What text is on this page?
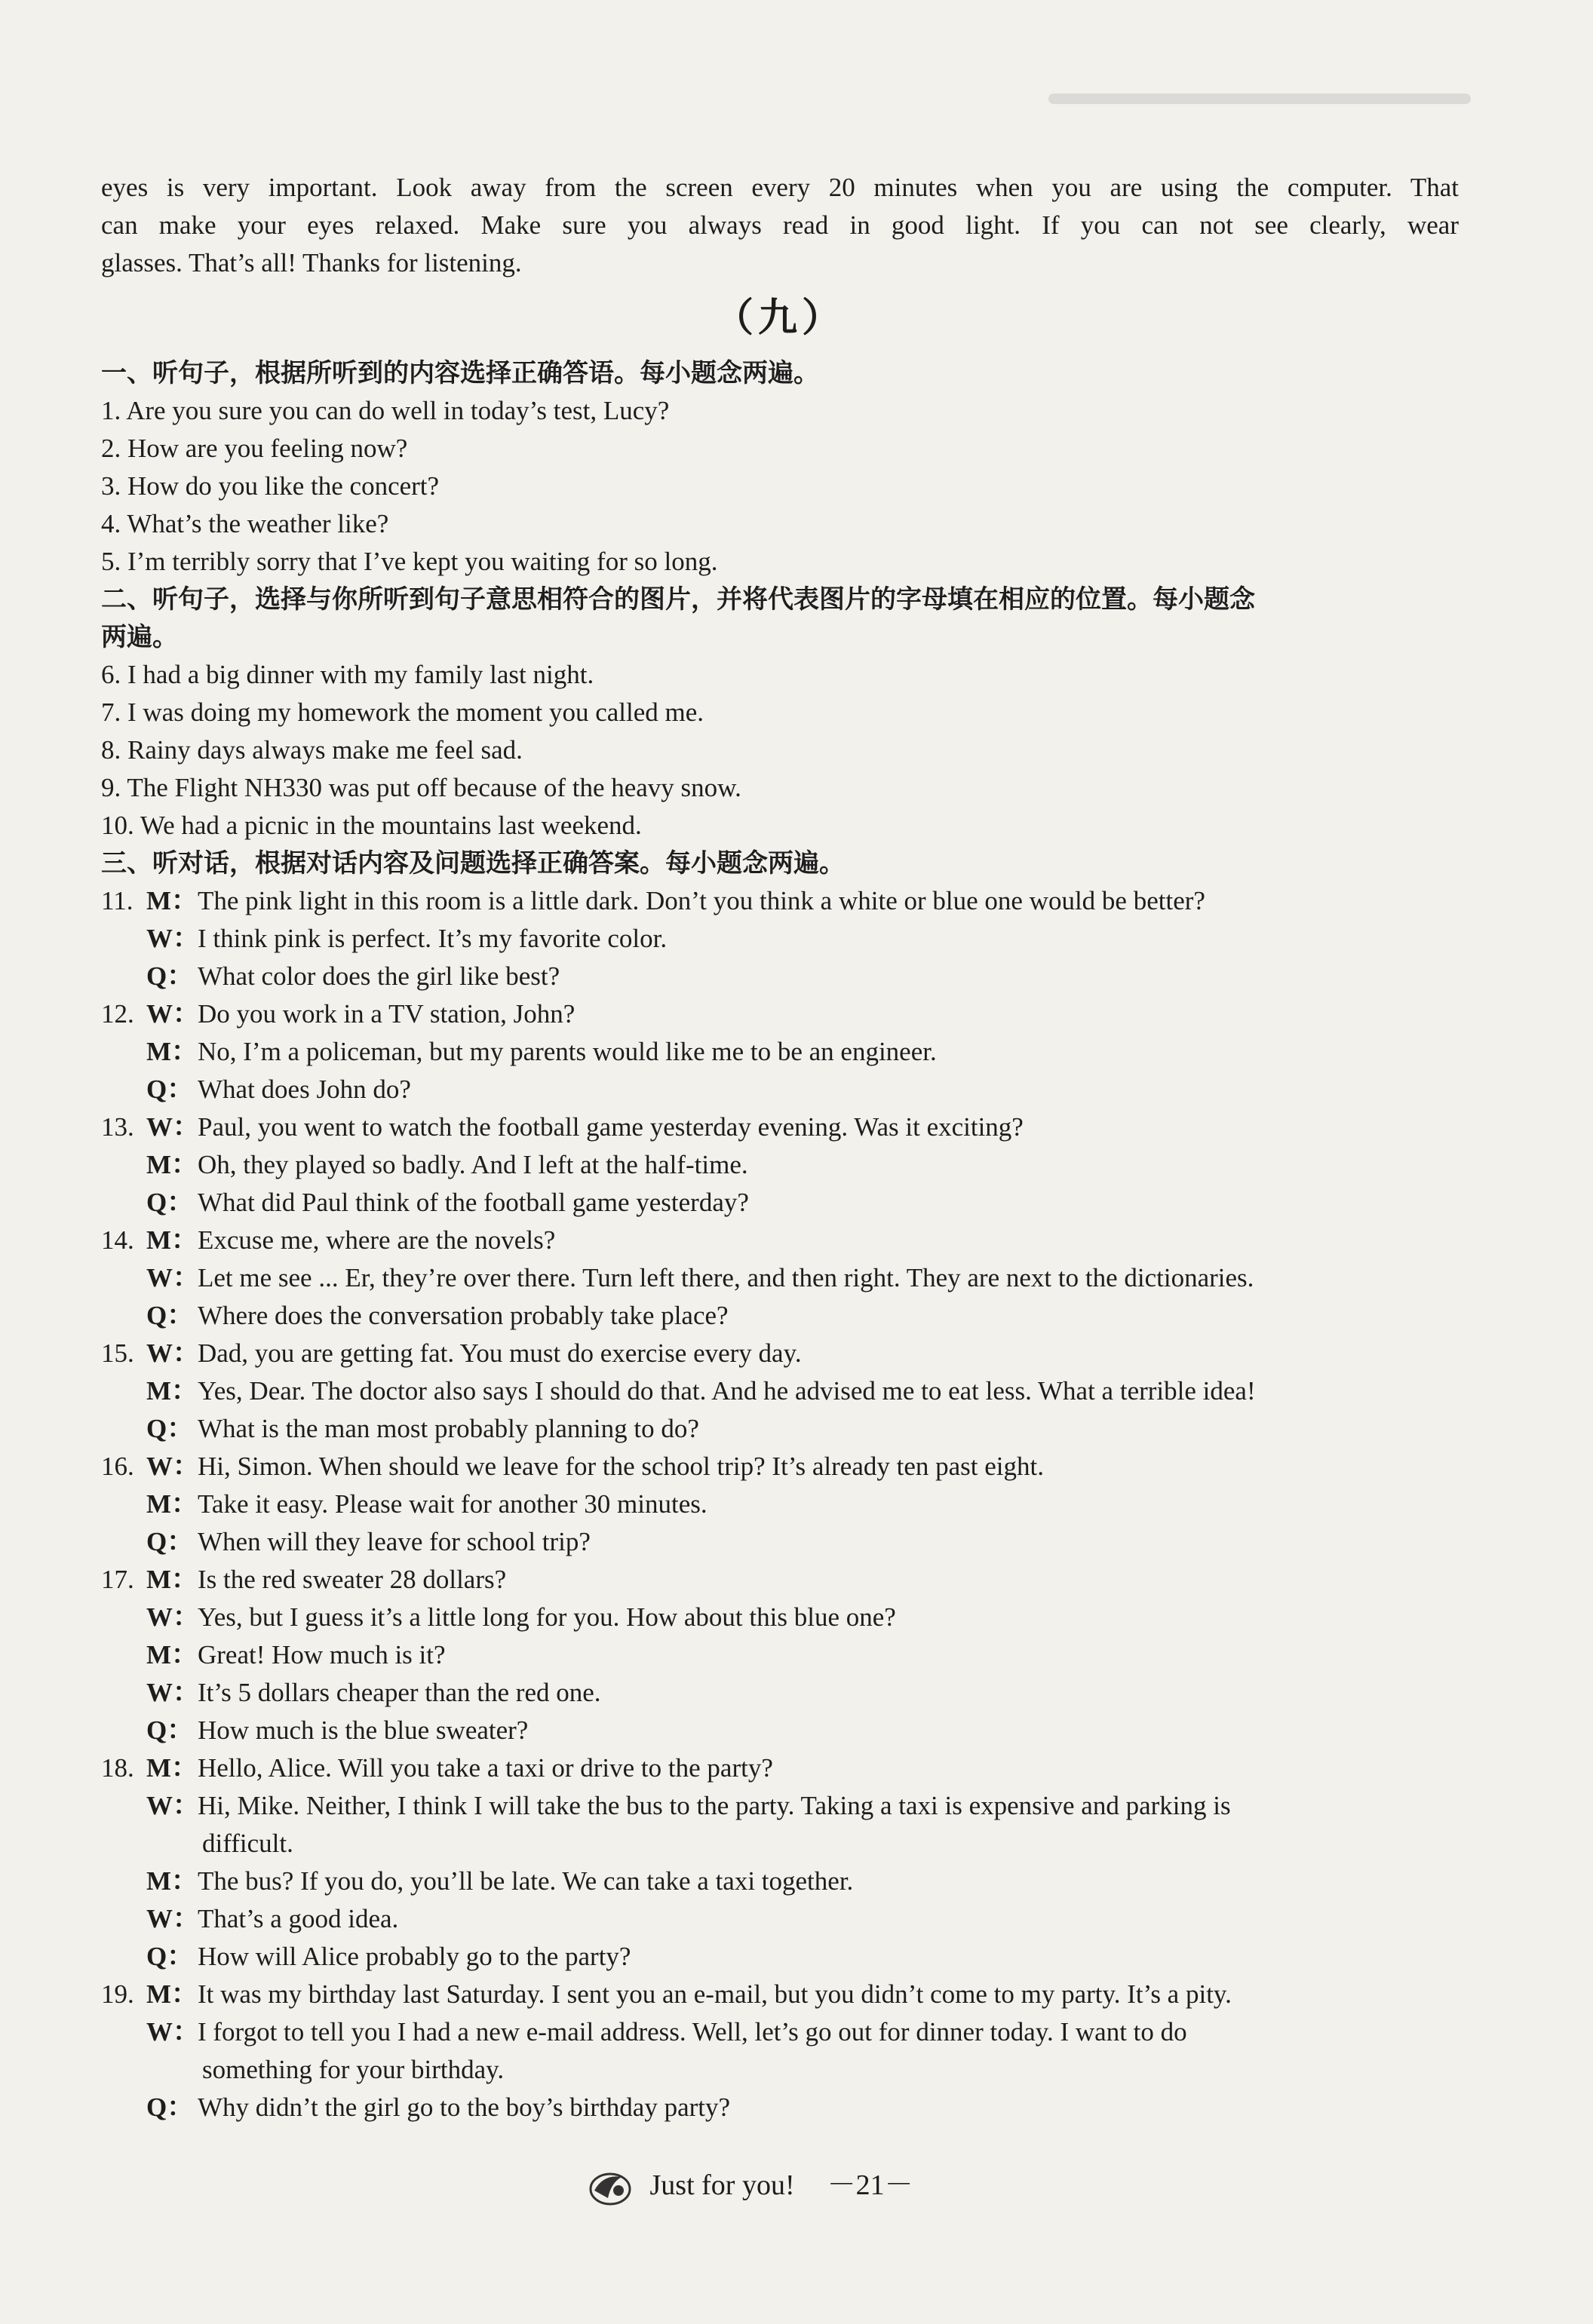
eyes is very important. Look away from the screen every 20 minutes when you are using the computer. That
can make your eyes relaxed. Make sure you always read in good light. If you can not see clearly, wear
glasses. That’s all! Thanks for listening.
（九）
一、听句子，根据所听到的内容选择正确答语。每小题念两遍。
1. Are you sure you can do well in today’s test, Lucy?
2. How are you feeling now?
3. How do you like the concert?
4. What’s the weather like?
5. I’m terribly sorry that I’ve kept you waiting for so long.
二、听句子，选择与你所听到句子意思相符合的图片，并将代表图片的字母填在相应的位置。每小题念
两遍。
6. I had a big dinner with my family last night.
7. I was doing my homework the moment you called me.
8. Rainy days always make me feel sad.
9. The Flight NH330 was put off because of the heavy snow.
10. We had a picnic in the mountains last weekend.
三、听对话，根据对话内容及问题选择正确答案。每小题念两遍。
11. M： The pink light in this room is a little dark. Don’t you think a white or blue one would be better?
W：
I think pink is perfect. It’s my favorite color.
Q： What color does the girl like best?
12. W：
Do you work in a TV station, John?
M： No, I’m a policeman, but my parents would like me to be an engineer.
Q： What does John do?
13. W：
Paul, you went to watch the football game yesterday evening. Was it exciting?
M： Oh, they played so badly. And I left at the half-time.
Q： What did Paul think of the football game yesterday?
14. M： Excuse me, where are the novels?
W：
Let me see ... Er, they’re over there. Turn left there, and then right. They are next to the dictionaries.
Q： Where does the conversation probably take place?
15. W：
Dad, you are getting fat. You must do exercise every day.
M： Yes, Dear. The doctor also says I should do that. And he advised me to eat less. What a terrible idea!
Q： What is the man most probably planning to do?
16. W：
Hi, Simon. When should we leave for the school trip? It’s already ten past eight.
M： Take it easy. Please wait for another 30 minutes.
Q： When will they leave for school trip?
17. M： Is the red sweater 28 dollars?
W：
Yes, but I guess it’s a little long for you. How about this blue one?
M： Great! How much is it?
W：
It’s 5 dollars cheaper than the red one.
Q： How much is the blue sweater?
18. M： Hello, Alice. Will you take a taxi or drive to the party?
W：
Hi, Mike. Neither, I think I will take the bus to the party. Taking a taxi is expensive and parking is
difficult.
M： The bus? If you do, you’ll be late. We can take a taxi together.
W：
That’s a good idea.
Q： How will Alice probably go to the party?
19. M： It was my birthday last Saturday. I sent you an e-mail, but you didn’t come to my party. It’s a pity.
W：
I forgot to tell you I had a new e-mail address. Well, let’s go out for dinner today. I want to do
something for your birthday.
Q： Why didn’t the girl go to the boy’s birthday party?
Just for you! －21－
